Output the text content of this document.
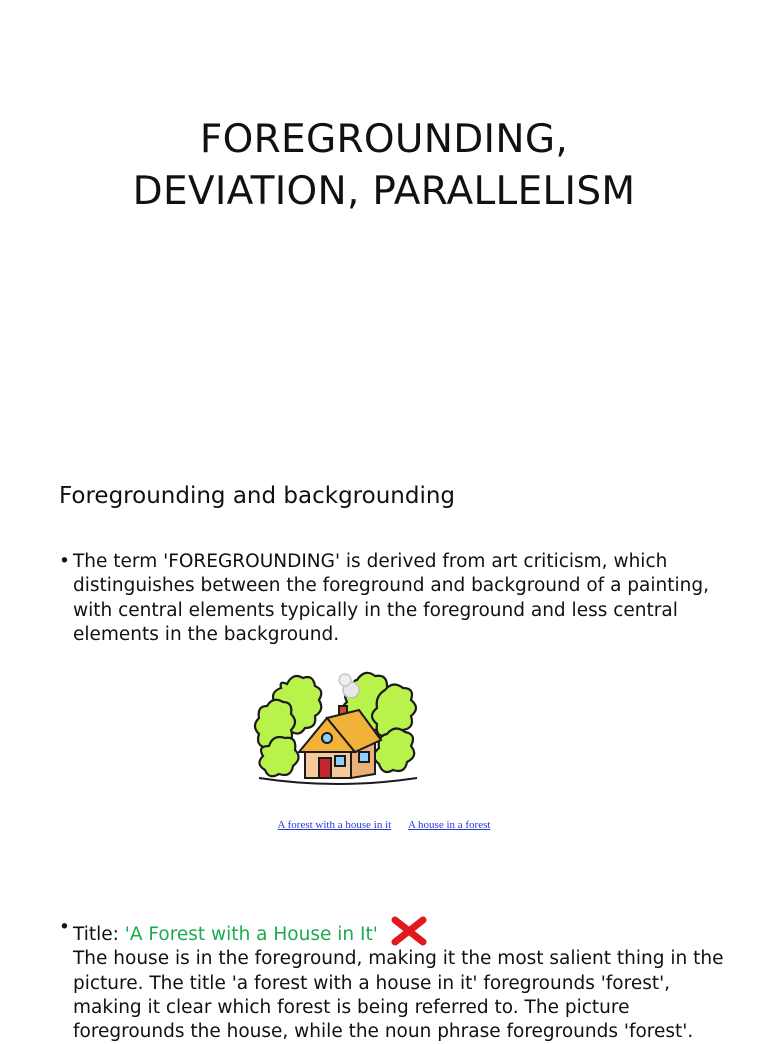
FOREGROUNDING,
DEVIATION, PARALLELISM
Foregrounding and backgrounding
• The term 'FOREGROUNDING' is derived from art criticism, which distinguishes between the foreground and background of a painting, with central elements typically in the foreground and less central elements in the background.
A forest with a house in it A house in a forest
• Title: 'A Forest with a House in It'
The house is in the foreground, making it the most salient thing in the picture. The title 'a forest with a house in it' foregrounds 'forest', making it clear which forest is being referred to. The picture foregrounds the house, while the noun phrase foregrounds 'forest'.
